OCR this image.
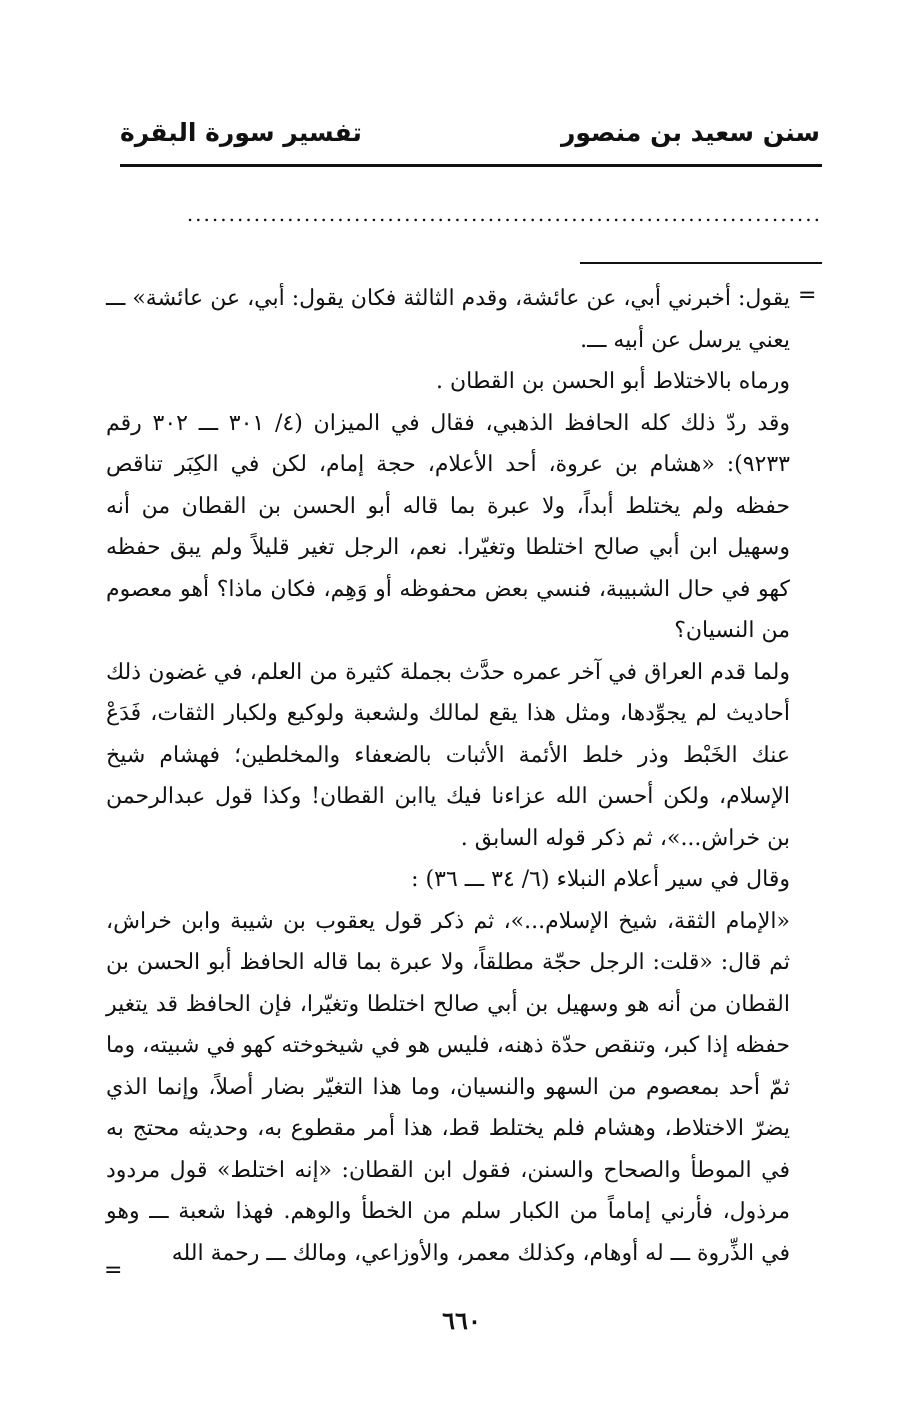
سنن سعيد بن منصور
تفسير سورة البقرة
............................................................................
=

يقول: أخبرني أبي، عن عائشة، وقدم الثالثة فكان يقول: أبي، عن عائشة» ـــ يعني يرسل عن أبيه ـــ.

ورماه بالاختلاط أبو الحسن بن القطان .

وقد ردّ ذلك كله الحافظ الذهبي، فقال في الميزان (٤/ ٣٠١ ـــ ٣٠٢ رقم ٩٢٣٣): «هشام بن عروة، أحد الأعلام، حجة إمام، لكن في الكِبَر تناقص حفظه ولم يختلط أبداً، ولا عبرة بما قاله أبو الحسن بن القطان من أنه وسهيل ابن أبي صالح اختلطا وتغيّرا. نعم، الرجل تغير قليلاً ولم يبق حفظه كهو في حال الشبيبة، فنسي بعض محفوظه أو وَهِم، فكان ماذا؟ أهو معصوم من النسيان؟

ولما قدم العراق في آخر عمره حدَّث بجملة كثيرة من العلم، في غضون ذلك أحاديث لم يجوِّدها، ومثل هذا يقع لمالك ولشعبة ولوكيع ولكبار الثقات، فَدَعْ عنك الخَبْط وذر خلط الأئمة الأثبات بالضعفاء والمخلطين؛ فهشام شيخ الإسلام، ولكن أحسن الله عزاءنا فيك ياابن القطان! وكذا قول عبدالرحمن بن خراش...»، ثم ذكر قوله السابق .

وقال في سير أعلام النبلاء (٦/ ٣٤ ـــ ٣٦) :

«الإمام الثقة، شيخ الإسلام...»، ثم ذكر قول يعقوب بن شيبة وابن خراش، ثم قال: «قلت: الرجل حجّة مطلقاً، ولا عبرة بما قاله الحافظ أبو الحسن بن القطان من أنه هو وسهيل بن أبي صالح اختلطا وتغيّرا، فإن الحافظ قد يتغير حفظه إذا كبر، وتنقص حدّة ذهنه، فليس هو في شيخوخته كهو في شبيته، وما ثمّ أحد بمعصوم من السهو والنسيان، وما هذا التغيّر بضار أصلاً، وإنما الذي يضرّ الاختلاط، وهشام فلم يختلط قط، هذا أمر مقطوع به، وحديثه محتج به في الموطأ والصحاح والسنن، فقول ابن القطان: «إنه اختلط» قول مردود مرذول، فأرني إماماً من الكبار سلم من الخطأ والوهم. فهذا شعبة ـــ وهو في الذِّروة ـــ له أوهام، وكذلك معمر، والأوزاعي، ومالك ـــ رحمة الله

=
٦٦٠
